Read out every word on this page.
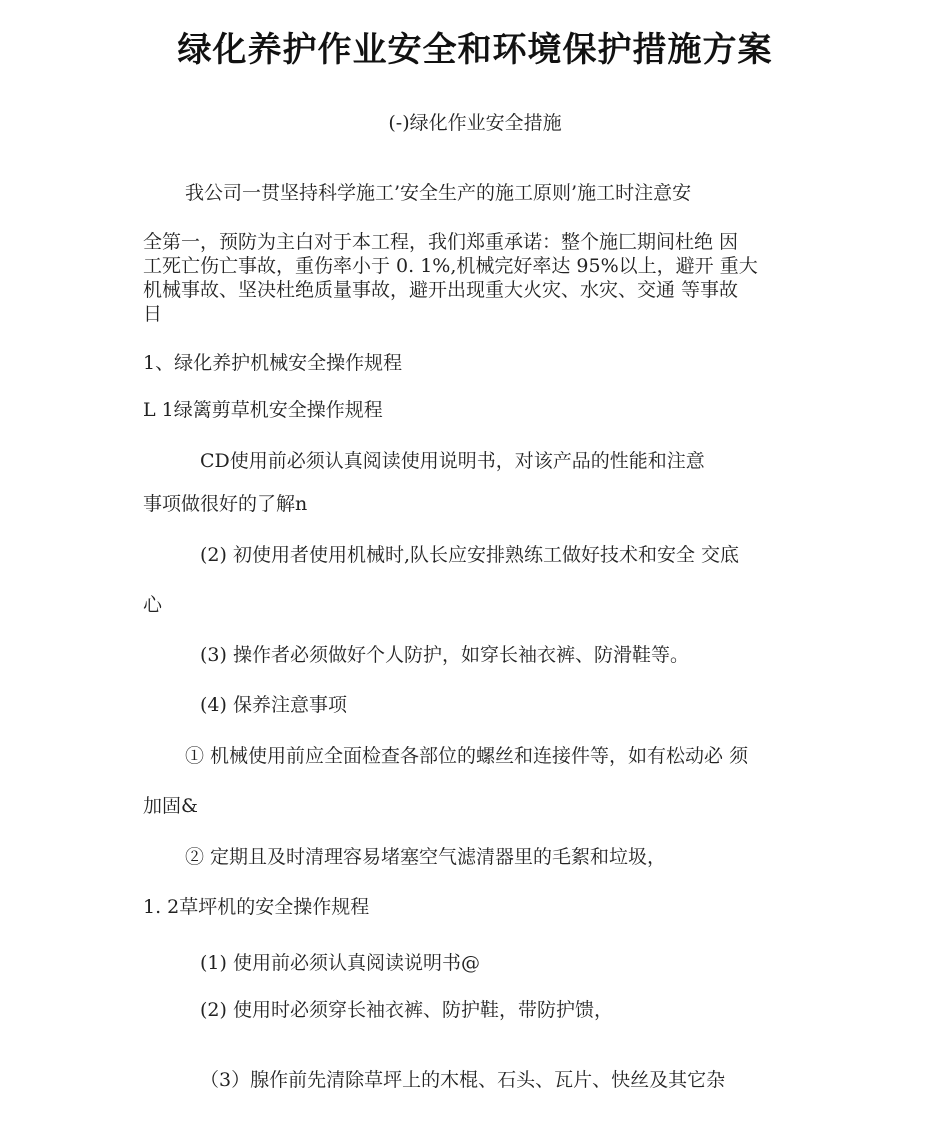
绿化养护作业安全和环境保护措施方案
(-)绿化作业安全措施
我公司一贯坚持科学施工’安全生产的施工原则’施工时注意安
全第一，预防为主白对于本工程，我们郑重承诺：整个施匚期间杜绝 因
工死亡伤亡事故，重伤率小于 0. 1%,机械完好率达 95%以上，避开 重大
机械事故、坚决杜绝质量事故，避开出现重大火灾、水灾、交通 等事故
日
1、绿化养护机械安全操作规程
L 1绿篱剪草机安全操作规程
CD使用前必须认真阅读使用说明书，对该产品的性能和注意
事项做很好的了解n
(2) 初使用者使用机械时,队长应安排熟练工做好技术和安全 交底
心
(3) 操作者必须做好个人防护，如穿长袖衣裤、防滑鞋等。
(4) 保养注意事项
① 机械使用前应全面检查各部位的螺丝和连接件等，如有松动必 须
加固&
② 定期且及时清理容易堵塞空气滤清器里的毛絮和垃圾，
1. 2草坪机的安全操作规程
(1) 使用前必须认真阅读说明书@
(2) 使用时必须穿长袖衣裤、防护鞋，带防护馈，
（3）腺作前先清除草坪上的木棍、石头、瓦片、快丝及其它杂
